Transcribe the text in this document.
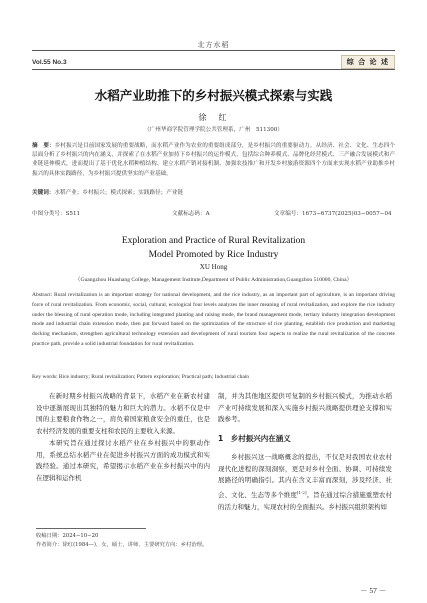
北方水稻
Vol.55 No.3	综 合 论 述
水稻产业助推下的乡村振兴模式探索与实践
徐　红
（广州华商学院管理学院公共管理系，广州　511300）
摘　要：乡村振兴是目前国家发展的重要战略，而水稻产业作为农业的重要组成部分，是乡村振兴的重要驱动力。从经济、社会、文化、生态四个层面分析了乡村振兴的内在涵义，并探索了在水稻产业加持下乡村振兴的运作模式，包括综合种养模式、品牌化经营模式、三产融合发展模式和产业链延伸模式，进而提出了基于优化水稻种植结构、建立水稻产销对接机制、加强农技推广和开发乡村旅游资源四个方面来实现水稻产业助推乡村振兴的具体实践路径，为乡村振兴提供坚实的产业基础。
关键词：水稻产业；乡村振兴；模式探索；实践路径；产业链
中图分类号：S511	文献标志码：A	文章编号：1673−6737(2025)03−0057−04
Exploration and Practice of Rural Revitalization
Model Promoted by Rice Industry
XU Hong
（Guangzhou Huashang College, Management Institute,Department of Public Administration,Guangzhou 510000, China）
Abstract: Rural revitalization is an important strategy for national development, and the rice industry, as an important part of agriculture, is an important driving force of rural revitalization. From economic, social, cultural, ecological four levels analyzes the inner meaning of rural revitalization, and explore the rice industry under the blessing of rural operation mode, including integrated planting and raising mode, the brand management mode, tertiary industry integration development mode and industrial chain extension mode, then put forward based on the optimization of the structure of rice planting, establish rice production and marketing docking mechanism, strengthen agricultural technology extension and development of rural tourism four aspects to realize the rural revitalization of the concrete practice path, provide a solid industrial foundation for rural revitalization.
Key words: Rice industry; Rural revitalization; Pattern exploration; Practical path; Industrial chain

在新时期乡村振兴战略的背景下，水稻产业在新农村建设中逐渐展现出其独特的魅力和巨大的潜力。水稻不仅是中国的主要粮食作物之一，肩负着国家粮食安全的重任，也是农村经济发展的重要支柱和农民的主要收入来源。

本研究旨在通过探讨水稻产业在乡村振兴中的驱动作用，系统总结水稻产业在促进乡村振兴方面的成功模式和实践经验。通过本研究，希望揭示水稻产业在乡村振兴中的内在逻辑和运作机

制，并为其他地区提供可复制的乡村振兴模式，为推动水稻产业可持续发展和深入实施乡村振兴战略提供理论支撑和实践参考。

1　乡村振兴内在涵义

乡村振兴这一战略概念的提出，不仅是对我国农业农村现代化进程的深刻洞察，更是对乡村全面、协调、可持续发展路径的明确指引。其内在含义丰富而深刻，涉及经济、社会、文化、生态等多个维度[1-2]。旨在通过综合措施重塑农村的活力和魅力，实现农村的全面振兴。乡村振兴组织架构如

收稿日期：2024−10−20
作者简介：徐红(1984—)，女，硕士，讲师，主要研究方向：乡村治理。
－ 57 －
